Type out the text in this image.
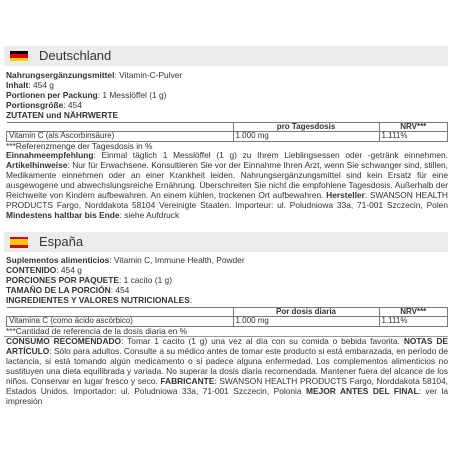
Deutschland

Nahrungsergänzungsmittel: Vitamin-C-Pulver

Inhalt: 454 g

Portionen per Packung: 1 Messlöffel (1 g)

Portionsgröße: 454

ZUTATEN und NÄHRWERTE

	pro Tagesdosis	NRV***
Vitamin C (als Ascorbinsäure)	1.000 mg	1.111%

***Referenzmenge der Tagesdosis in %

Einnahmeempfehlung: Einmal täglich 1 Messlöffel (1 g) zu Ihrem Lieblingsessen oder -getränk einnehmen. Artikelhinweise: Nur für Erwachsene. Konsultieren Sie vor der Einnahme Ihren Arzt, wenn Sie schwanger sind, stillen, Medikamente einnehmen oder an einer Krankheit leiden. Nahrungsergänzungsmittel sind kein Ersatz für eine ausgewogene und abwechslungsreiche Ernährung. Überschreiten Sie nicht die empfohlene Tagesdosis. Außerhalb der Reichweite von Kindern aufbewahren. An einem kühlen, trockenen Ort aufbewahren. Hersteller: SWANSON HEALTH PRODUCTS Fargo, Norddakota 58104 Vereinigte Staaten. Importeur: ul. Poludniowa 33a, 71-001 Szczecin, Polen Mindestens haltbar bis Ende: siehe Aufdruck

España

Suplementos alimenticios: Vitamin C, Immune Health, Powder

CONTENIDO: 454 g

PORCIONES POR PAQUETE: 1 cacito (1 g)

TAMAÑO DE LA PORCIÓN: 454

INGREDIENTES Y VALORES NUTRICIONALES:

	Por dosis diaria	NRV***
Vitamina C (como ácido ascórbico)	1.000 mg	1.111%

***Cantidad de referencia de la dosis diaria en %

CONSUMO RECOMENDADO: Tomar 1 cacito (1 g) una vez al día con su comida o bebida favorita. NOTAS DE ARTÍCULO: Sólo para adultos. Consulte a su médico antes de tomar este producto si está embarazada, en período de lactancia, si está tomando algún medicamento o si padece alguna enfermedad. Los complementos alimenticios no sustituyen una dieta equilibrada y variada. No superar la dosis diaria recomendada. Mantener fuera del alcance de los niños. Conservar en lugar fresco y seco. FABRICANTE: SWANSON HEALTH PRODUCTS Fargo, Norddakota 58104, Estados Unidos. Importador: ul. Poludniowa 33a, 71-001 Szczecin, Polonia MEJOR ANTES DEL FINAL: ver la impresión
